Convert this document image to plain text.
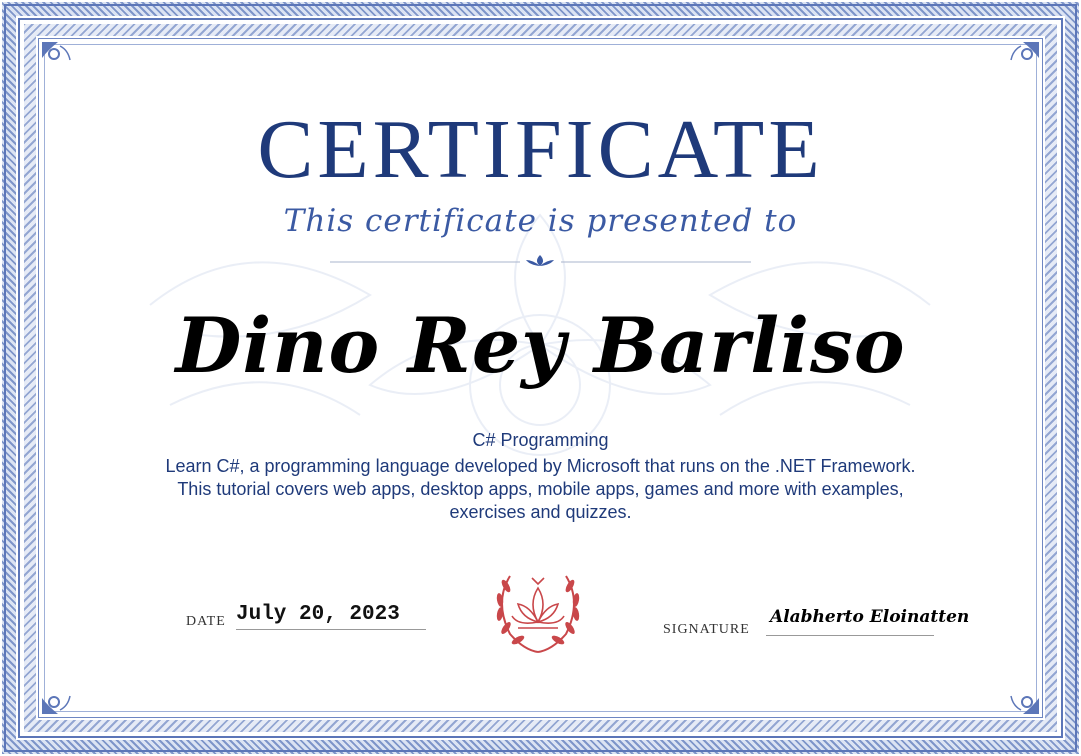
CERTIFICATE
This certificate is presented to
Dino Rey Barliso
C# Programming
Learn C#, a programming language developed by Microsoft that runs on the .NET Framework. This tutorial covers web apps, desktop apps, mobile apps, games and more with examples, exercises and quizzes.
DATE July 20, 2023
SIGNATURE
Alabherto Eloinatten
